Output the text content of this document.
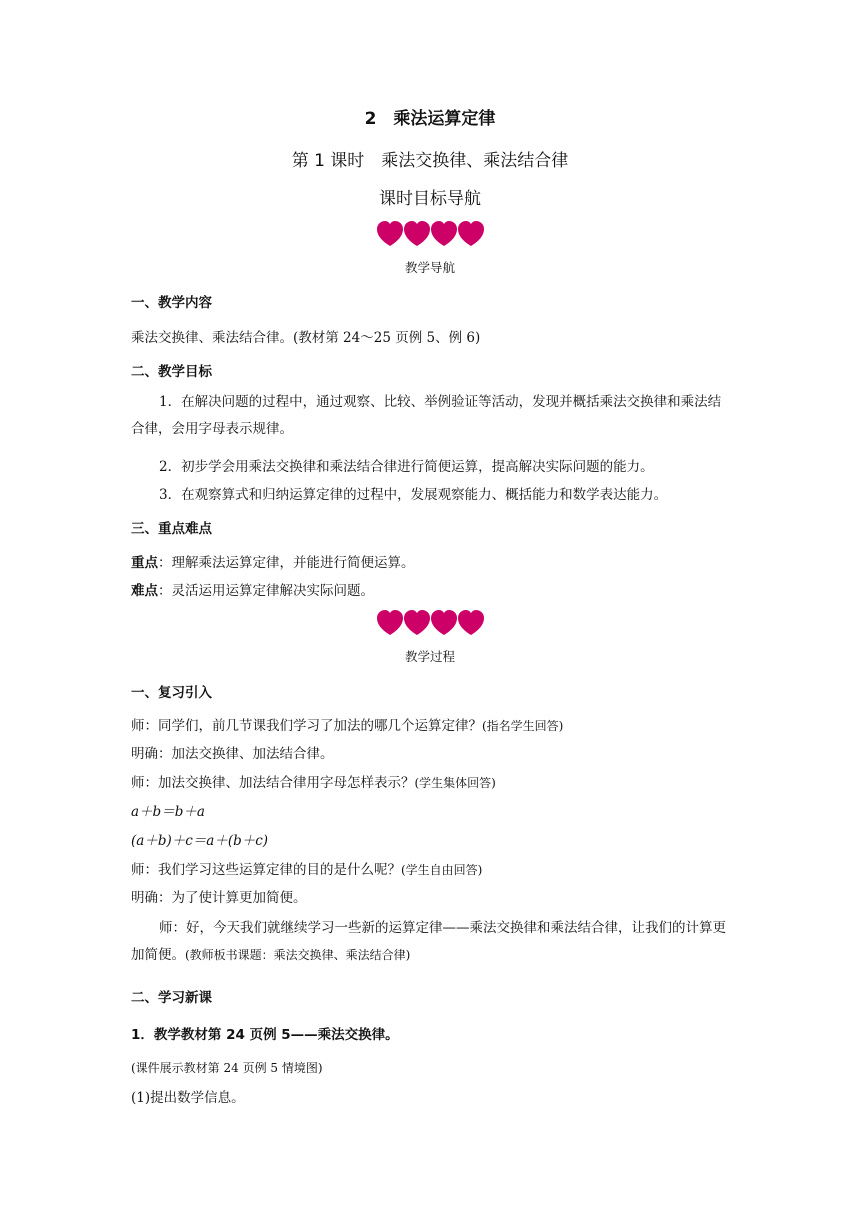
2　乘法运算定律
第 1 课时　乘法交换律、乘法结合律
课时目标导航
教学导航
一、教学内容
乘法交换律、乘法结合律。(教材第 24～25 页例 5、例 6)
二、教学目标
1．在解决问题的过程中，通过观察、比较、举例验证等活动，发现并概括乘法交换律和乘法结合律，会用字母表示规律。
2．初步学会用乘法交换律和乘法结合律进行简便运算，提高解决实际问题的能力。
3．在观察算式和归纳运算定律的过程中，发展观察能力、概括能力和数学表达能力。
三、重点难点
重点：理解乘法运算定律，并能进行简便运算。
难点：灵活运用运算定律解决实际问题。
教学过程
一、复习引入
师：同学们，前几节课我们学习了加法的哪几个运算定律？(指名学生回答)
明确：加法交换律、加法结合律。
师：加法交换律、加法结合律用字母怎样表示？(学生集体回答)
a＋b＝b＋a
(a＋b)＋c＝a＋(b＋c)
师：我们学习这些运算定律的目的是什么呢？(学生自由回答)
明确：为了使计算更加简便。
师：好，今天我们就继续学习一些新的运算定律——乘法交换律和乘法结合律，让我们的计算更加简便。(教师板书课题：乘法交换律、乘法结合律)
二、学习新课
1．教学教材第 24 页例 5——乘法交换律。
(课件展示教材第 24 页例 5 情境图)
(1)提出数学信息。
